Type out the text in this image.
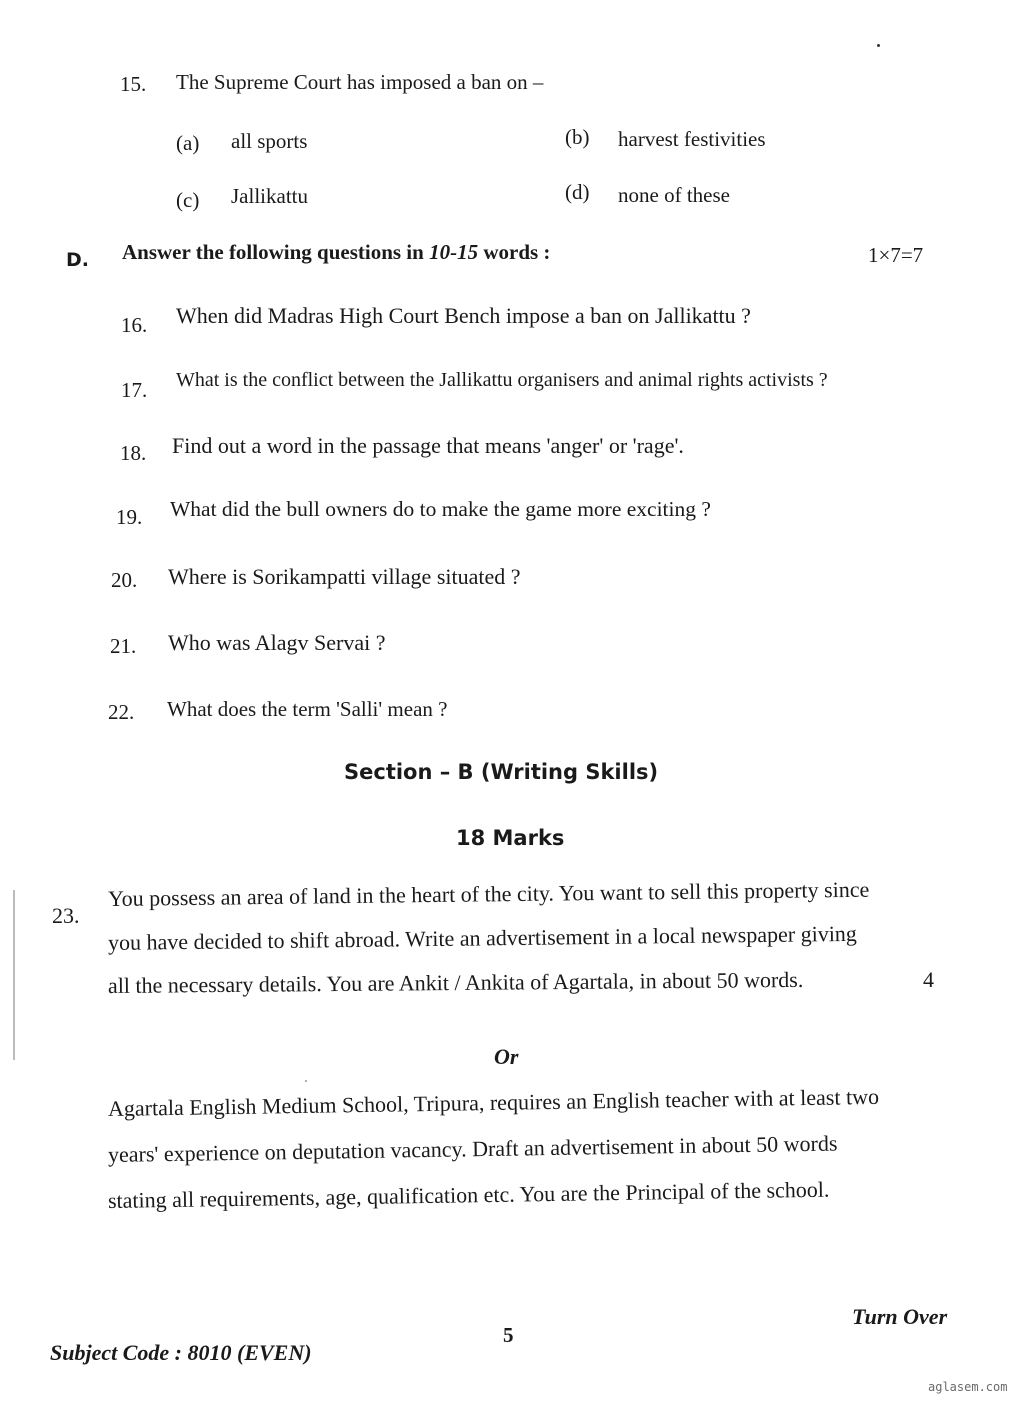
15. The Supreme Court has imposed a ban on –
(a) all sports	(b) harvest festivities
(c) Jallikattu	(d) none of these
D. Answer the following questions in 10-15 words :	1×7=7
16. When did Madras High Court Bench impose a ban on Jallikattu ?
17. What is the conflict between the Jallikattu organisers and animal rights activists ?
18. Find out a word in the passage that means 'anger' or 'rage'.
19. What did the bull owners do to make the game more exciting ?
20. Where is Sorikampatti village situated ?
21. Who was Alagv Servai ?
22. What does the term 'Salli' mean ?
Section – B (Writing Skills)
18 Marks
23.
You possess an area of land in the heart of the city. You want to sell this property since
you have decided to shift abroad. Write an advertisement in a local newspaper giving
all the necessary details. You are Ankit / Ankita of Agartala, in about 50 words.	4
Or
Agartala English Medium School, Tripura, requires an English teacher with at least two
years' experience on deputation vacancy. Draft an advertisement in about 50 words
stating all requirements, age, qualification etc. You are the Principal of the school.
Turn Over
5
Subject Code : 8010 (EVEN)
aglasem.com
